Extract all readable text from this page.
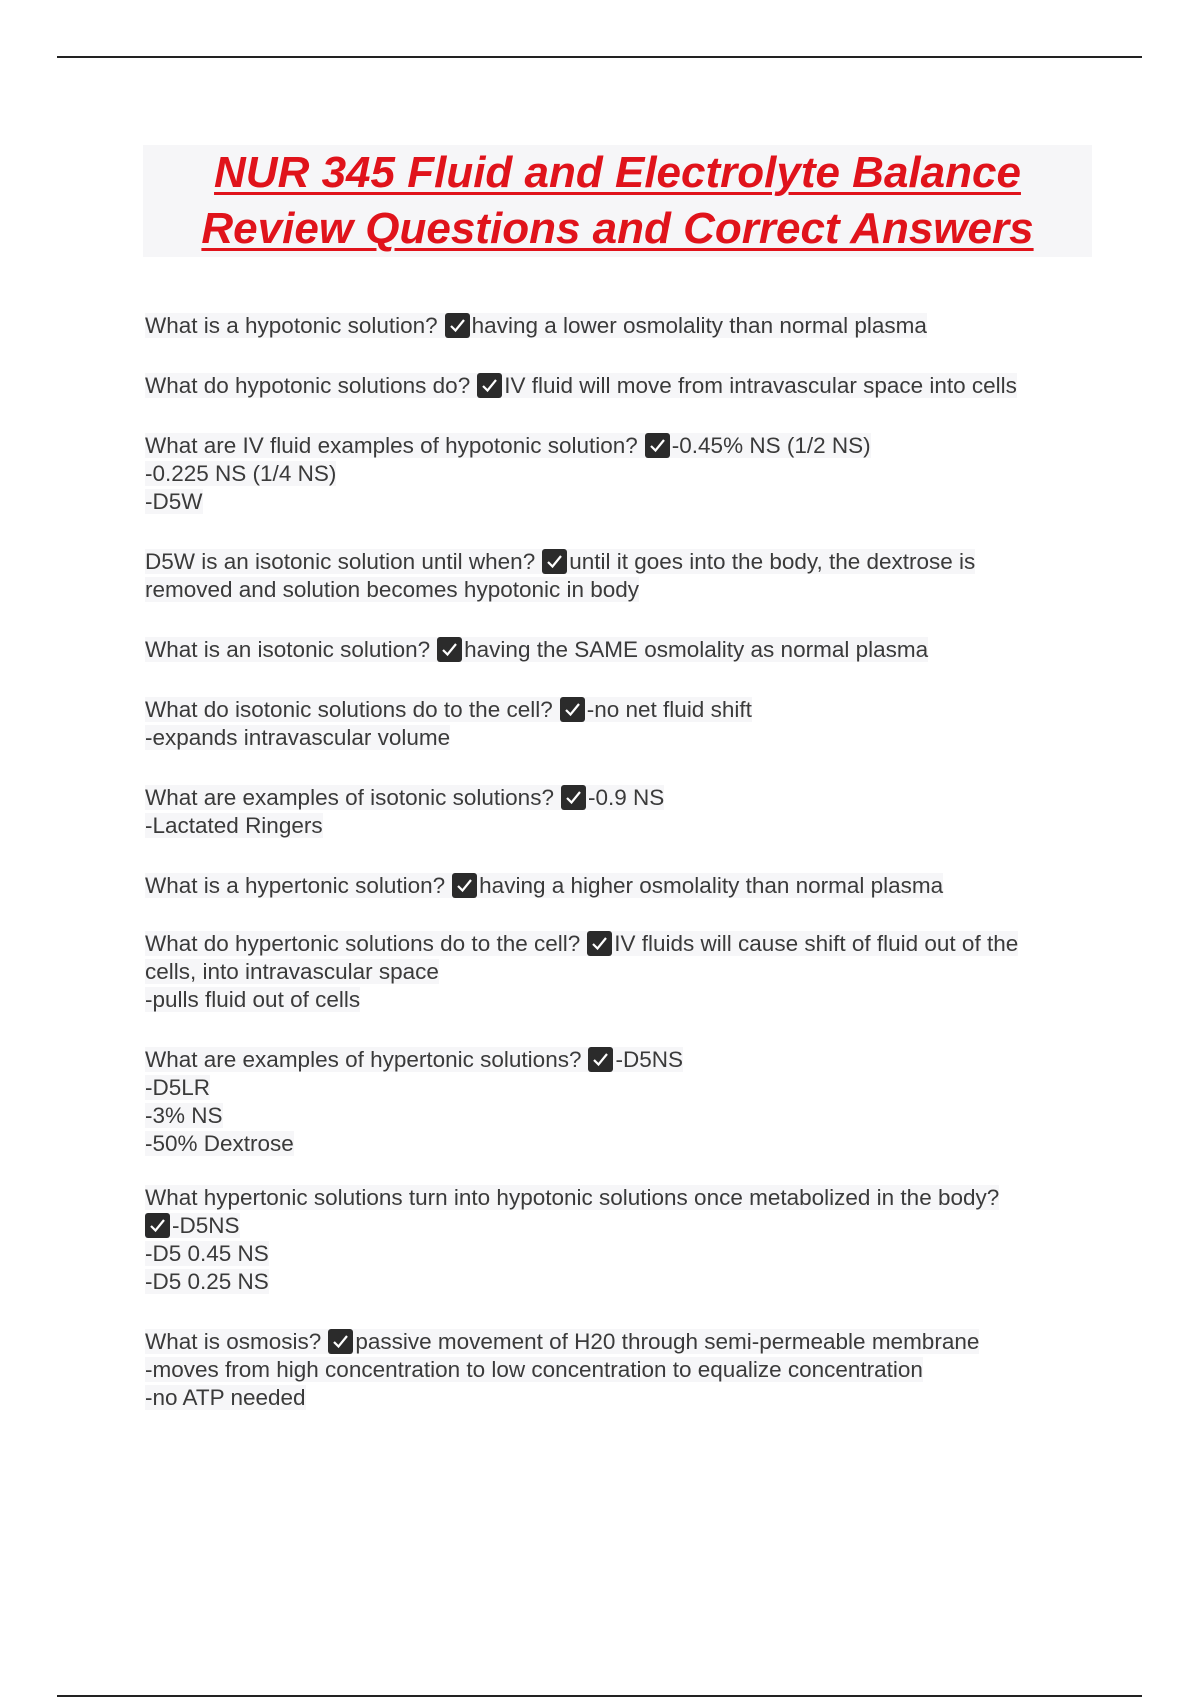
NUR 345 Fluid and Electrolyte Balance
Review Questions and Correct Answers

What is a hypotonic solution? having a lower osmolality than normal plasma

What do hypotonic solutions do? IV fluid will move from intravascular space into cells

What are IV fluid examples of hypotonic solution? -0.45% NS (1/2 NS)
-0.225 NS (1/4 NS)
-D5W

D5W is an isotonic solution until when? until it goes into the body, the dextrose is
removed and solution becomes hypotonic in body

What is an isotonic solution? having the SAME osmolality as normal plasma

What do isotonic solutions do to the cell? -no net fluid shift
-expands intravascular volume

What are examples of isotonic solutions? -0.9 NS
-Lactated Ringers

What is a hypertonic solution? having a higher osmolality than normal plasma

What do hypertonic solutions do to the cell? IV fluids will cause shift of fluid out of the
cells, into intravascular space
-pulls fluid out of cells

What are examples of hypertonic solutions? -D5NS
-D5LR
-3% NS
-50% Dextrose

What hypertonic solutions turn into hypotonic solutions once metabolized in the body?
-D5NS
-D5 0.45 NS
-D5 0.25 NS

What is osmosis? passive movement of H20 through semi-permeable membrane
-moves from high concentration to low concentration to equalize concentration
-no ATP needed
